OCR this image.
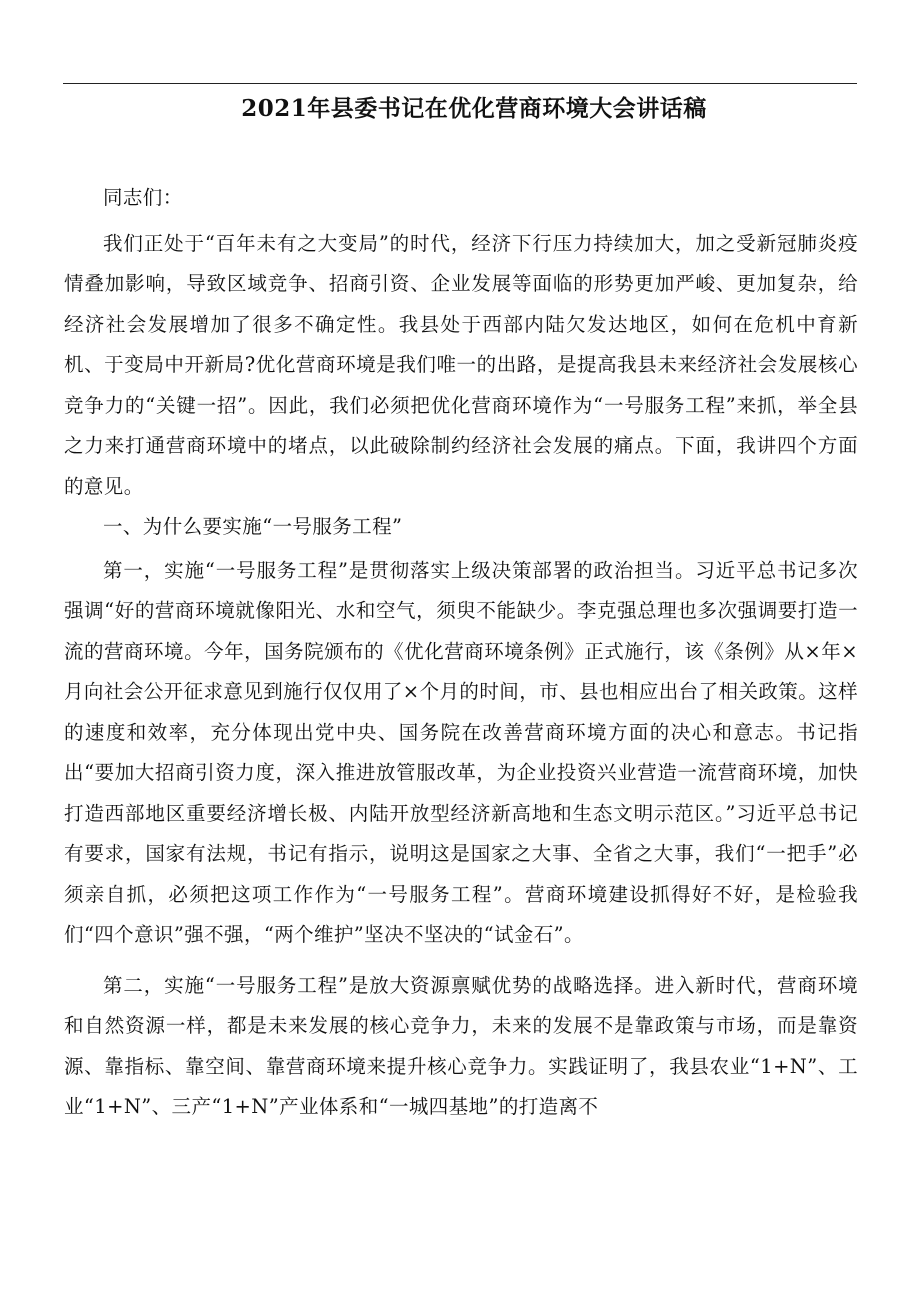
2021年县委书记在优化营商环境大会讲话稿

同志们：

我们正处于“百年未有之大变局”的时代，经济下行压力持续加大，加之受新冠肺炎疫情叠加影响，导致区域竞争、招商引资、企业发展等面临的形势更加严峻、更加复杂，给经济社会发展增加了很多不确定性。我县处于西部内陆欠发达地区，如何在危机中育新机、于变局中开新局?优化营商环境是我们唯一的出路，是提高我县未来经济社会发展核心竞争力的“关键一招”。因此，我们必须把优化营商环境作为“一号服务工程”来抓，举全县之力来打通营商环境中的堵点，以此破除制约经济社会发展的痛点。下面，我讲四个方面的意见。

一、为什么要实施“一号服务工程”

第一，实施“一号服务工程”是贯彻落实上级决策部署的政治担当。习近平总书记多次强调“好的营商环境就像阳光、水和空气，须臾不能缺少。李克强总理也多次强调要打造一流的营商环境。今年，国务院颁布的《优化营商环境条例》正式施行，该《条例》从×年×月向社会公开征求意见到施行仅仅用了×个月的时间，市、县也相应出台了相关政策。这样的速度和效率，充分体现出党中央、国务院在改善营商环境方面的决心和意志。书记指出“要加大招商引资力度，深入推进放管服改革，为企业投资兴业营造一流营商环境，加快打造西部地区重要经济增长极、内陆开放型经济新高地和生态文明示范区。”习近平总书记有要求，国家有法规，书记有指示，说明这是国家之大事、全省之大事，我们“一把手”必须亲自抓，必须把这项工作作为“一号服务工程”。营商环境建设抓得好不好，是检验我们“四个意识”强不强，“两个维护”坚决不坚决的“试金石”。

第二，实施“一号服务工程”是放大资源禀赋优势的战略选择。进入新时代，营商环境和自然资源一样，都是未来发展的核心竞争力，未来的发展不是靠政策与市场，而是靠资源、靠指标、靠空间、靠营商环境来提升核心竞争力。实践证明了，我县农业“1+N”、工业“1+N”、三产“1+N”产业体系和“一城四基地”的打造离不
